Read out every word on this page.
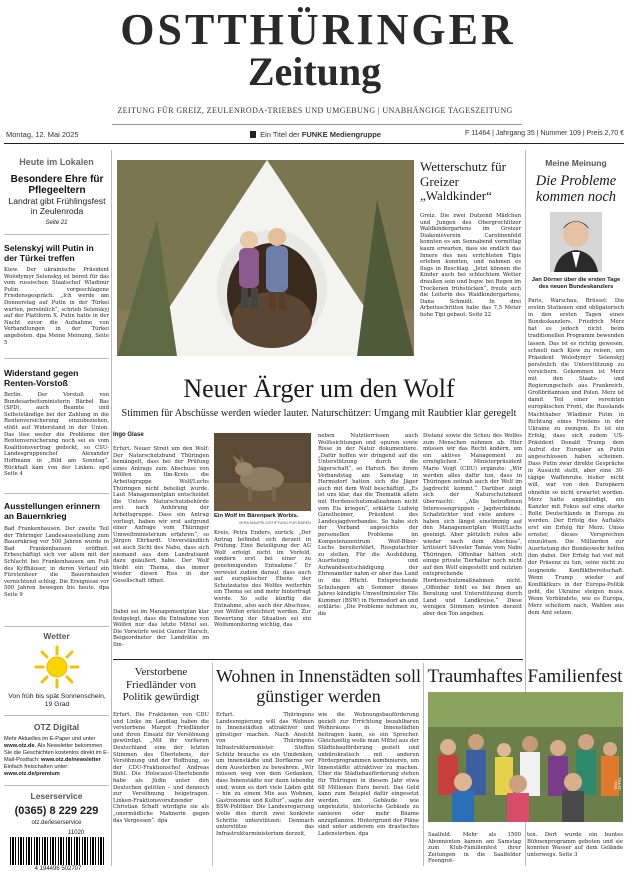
OSTTHÜRINGER
Zeitung
ZEITUNG FÜR GREIZ, ZEULENRODA-TRIEBES UND UMGEBUNG | UNABHÄNGIGE TAGESZEITUNG
Montag, 12. Mai 2025	Ein Titel der FUNKE Mediengruppe	F 11464 | Jahrgang 35 | Nummer 109 | Preis 2,70 €
Heute im Lokalen
Besondere Ehre für Pflegeeltern
Landrat gibt Frühlingsfest in Zeulenroda
Seite 21
Selenskyj will Putin in der Türkei treffen
Kiew. Der ukrainische Präsident Wolodymyr Selenskyj ist bereit für das vom russischen Staatschef Wladimir Putin vorgeschlagene Friedensgespräch. „Ich werde am Donnerstag auf Putin in der Türkei warten, persönlich“, schrieb Selenskyj auf der Plattform X. Putin hatte in der Nacht zuvor die Aufnahme von Verhandlungen in der Türkei angeboten. dpa Meine Meinung, Seite 5
Widerstand gegen Renten-Vorstoß
Berlin. Der Vorstoß von Bundesarbeitsministerin Bärbel Bas (SPD), auch Beamte und Selbstständige bei der Zahlung in die Rentenversicherung einzubeziehen, stößt auf Widerstand in der Union. Das löse weder die Probleme der Rentenversicherung noch sei es vom Koalitionsvertrag gedeckt, so CSU-Landesgruppenchef Alexander Hoffmann in „Bild am Sonntag“. Rückhalt kam von der Linken. epd Seite 4
Ausstellungen erinnern an Bauernkrieg
Bad Frankenhausen. Der zweite Teil der Thüringer Landesausstellung zum Bauernkrieg vor 500 Jahren wurde in Bad Frankenhausen eröffnet. Erbeschäftigt sich vor allem mit der Schlacht bei Frankenhausen am Fuß des Kyffhäuser, in deren Verlauf ein Fürstenheer die Bauernhaufen vernichtend schlug. Die Ereignisse vor 500 Jahren bewegen bis heute. dpa Seite 9
Wetter
Von früh bis spät Sonnenschein, 19 Grad
OTZ Digital
Mehr Aktuelles im E-Paper und unter www.otz.de. Als Newsletter bekommen Sie die Geschichten kostenlos direkt im E-Mail-Postfach: www.otz.de/newsletter Einfach freischalten unter: www.otz.de/premium
Leserservice
(0365) 8 229 229
otz.de/leserservice
11020
4 194496 502707
Wetterschutz für Greizer „Waldkinder“
Greiz. Die zwei Dutzend Mädchen und Jungen des Obergrochlitzer Waldkindergartens im Greizer Diakonieverein Carolinenfeld konnten es am Sonnabend vormittag kaum erwarten, dass sie endlich das Innere des neu errichteten Tipis erleben konnten, und nahmen es flugs in Beschlag. „Jetzt können die Kinder auch bei schlechtem Wetter draußen sein und bspw. bei Regen im Trockenen frühstücken“, freute sich die Leiterin des Waldkindergartens, Dana Schmidt. In drei Arbeitsschritten habe das 7,5 Meter hohe Tipi gebaut. Seite 22
Meine Meinung
Die Probleme kommen noch
Jan Dörner über die ersten Tage des neuen Bundeskanzlers
Paris, Warschau, Brüssel: Die ersten Stationen sind obligatorisch in den ersten Tagen eines Bundeskanzlers. Friedrich Merz hat es jedoch nicht beim traditionellen Programm bewenden lassen. Das ist es richtig gewesen, schnell nach Kiew zu reisen, um Präsident Wolodymyr Selenskyj persönlich die Unterstützung zu versichern. Gekommen ist Merz mit den Staats- und Regierungschefs aus Frankreich, Großbritannien und Polen. Merz ist damit Teil einer vereinten europäischen Front, die Russlands Machthaber Wladimir Putin in Richtung eines Friedens in der Ukraine zu zwingen. Es ist ein Erfolg, dass sich zudem US-Präsident Donald Trump dem Aufruf der Europäer an Putin angeschlossen haben scheinen. Dass Putin zwar direkte Gespräche in Aussicht stellt, aber eine 30-tägige Waffenruhe bisher nicht will, war von den Europäern ohnehin so nicht erwartet worden. Merz hatte angekündigt, ein Kanzler mit Fokus auf eine starke Rolle Deutschlands in Europa zu werden. Der Erfolg des Auftakts erst ein Erfolg für Merz. Umso ernster, dieses Versprechen einzulösen. Die Milliarden zur Ausrüstung der Bundeswehr helfen ihm dabei. Der Erfolg hat viel mit der Präsenz zu tun, seine nicht zu leugnende Konfliktbereitschaft. Wenn Trump wieder auf Konfliktkurs in der Europa-Politik geht, die Ukraine steigen muss. Wenn Verbündete, wie es Europa, Merz scheitern nach, Wahlen aus dem Amt setzen.
Neuer Ärger um den Wolf
Stimmen für Abschüsse werden wieder lauter. Naturschützer: Umgang mit Raubtier klar geregelt
Ingo Glase
Erfurt. Neuer Streit um den Wolf: Der Naturschutzbund Thüringen bemängelt, dass bei der Prüfung eines Antrags zum Abschuss von Wölfen im Ilm-Kreis die Arbeitsgruppe Wolf/Luchs Thüringen nicht beteiligt wurde. Laut Managementplan entscheidet die Untere Naturschutzbehörde erst nach Anhörung der Arbeitsgruppe. Dass ein Antrag vorliegt, haben wir erst aufgrund einer Anfrage vom Thüringer Umweltministerium erfahren“, so Jürgen Ehrhardt. Unverständlich sei auch Sicht des Nabu, dass sich niemand aus dem Landratsamt dazu geäußert habe. Der Wolf bleibt ein Thema, das immer wieder diesen Riss in der Gesellschaft öffnet.
Dabei sei im Managementplan klar festgelegt, dass die Entnahme von Wölfen nur das letzte Mittel sei. Die Vorwürfe weist Gunter Harsch, Beigeordneter der Landrätin im Ilm-
Ein Wolf im Bärenpark Worbis.
VERA MAUPELS/STIFTUNG FÜR BÄREN
Kreis, Petra Enders, zurück: „Der Antrag befindet sich derzeit in Prüfung. Eine Beteiligung der AG Wolf erfolgt nicht im Vorfeld, sondern erst bei einer zu genehmigenden Entnahme.“ Er verweist zudem darauf, dass auch auf europäischer Ebene der Schutzstatus des Wolfes weiterhin ein Thema sei und mehr hinterfragt werde. So solle künftig die Entnahme, also auch der Abschuss, von Wölfen erleichtert werden. Zur Bewertung der Situation sei ein Wolfsmonitoring wichtig, das
neben Nutztierrissen auch Wolfssichtungen und -spuren sowie Risse in der Natur dokumentiere. „Dafür hoffen wir dringend auf die Unterstützung durch die Jägerschaft“, so Harsch. Bei ihrem Verbandstag am Samstag in Hermsdorf hatten sich die Jäger auch mit dem Wolf beschäftigt. „Es ist uns klar, das die Thematik allein mit Herdenschutzmaßnahmen nicht vom Eis kriegen“, erklärte Ludwig Gunstheimer, Präsident des Landesjagdverbandes. So habe sich der Verband angesichts der personellen Probleme im Kompetenzzentrum Wolf-Biber-Luchs bereiterklärt, Rissgutachter zu stellen. Für die Ausbildung, Ausrüstung und Aufwandsentschädigung der Ehrenamtler nahm er aber das Land in die Pflicht. Entsprechende Schulungen ab Sommer dieses Jahres kündigte Umweltminister Tilo Kummer (BSW) in Hermsdorf an und erklärte: „Die Probleme nehmen zu, die
Distanz sowie die Scheu des Wolfes zum Menschen nehmen ab. Hier müssen wir das Recht ändern, um ein aktives Management zu ermöglichen.“ Ministerpräsident Mario Voigt (CDU) ergänzte: „Wir werden alles dafür tun, dass in Thüringen zeitnah auch der Wolf im Jagdrecht kommt.“ Darüber zeigt sich der Naturschutzbund überrascht: „Alle betroffenen Interessengruppen – Jagdverbände, Schafzüchter und viele andere – haben sich längst einstimmig auf den Managementplan Wolf/Luchs geeinigt. Aber plötzlich rufen alle wieder nach dem Abschuss“, kritisiert Silvester Tamás vom Nabu Thüringen. Offenbar hätten sich einige private Tierhalter noch nicht auf den Wolf eingestellt und nutzten entsprechende Herdenschutzmaßnahmen nicht. „Offenbar fehlt es bei ihnen an Beratung und Unterstützung durch Land und Landkreise.“ Diese wenigen Stimmen würden derzeit aber den Ton angeben.
Verstorbene Friedländer von Politik gewürdigt
Erfurt. Die Fraktionen von CDU und Linke im Landtag haben die verstorbene Margot Friedländer und ihren Einsatz für Versöhnung gewürdigt. „Mit ihr verlieren Deutschland eine der letzten Stimmen des Überlebens, der Versöhnung und der Hoffnung, so der CDU-Fraktionschef Andreas Bühl. Die Holocaust-Überlebende habe als Jüdin unter den Deutschen gelitten – und dennoch zur Versöhnung beigetragen. Linken-Fraktionsvorsitzender Christian Schaft würdigte sie als „unermüdliche Mahnerin gegen das Vergessen“. dpa
Wohnen in Innenstädten soll günstiger werden
Erfurt. Thüringens Landesregierung will das Wohnen in Innenstädten attraktiver und günstiger machen. Nach Ansicht von Thüringens Infrastrukturminister Steffen Schütz brauche es ein Umdenken, um Innenstädte und Dorfkerne vor dem Aussterben zu bewahren. „Wir müssen weg von dem Gedanken, dass Innenstädte nur dann lebendig sind, wenn es dort viele Läden gibt – hin zu einem Mix aus Wohnen, Gastronomie und Kultur“, sagte der BSW-Politiker. Die Landesregierung wolle dies durch zwei konkrete Schritte unterstützen: Demnach unterstütze das Infrastrukturministerium derzeit,
wie die Wohnungsbauförderung gezielt zur Errichtung bezahlbaren Wohnraums in Innenstädten beitragen kann, so ein Sprecher. Gleichzeitig wolle man Mittel aus der Städtebauförderung gezielt und unbürokratisch mit anderen Förderprogrammen kombinieren, um Innenstädte attraktiver zu machen. Über die Städtebauförderung stehen für Thüringen in diesem Jahr etwa 68 Millionen Euro bereit. Das Geld kann zum Beispiel dafür eingesetzt werden, um Gebäude wie ungenutzte, historische Gebäude zu sanieren oder mehr Bäume anzupflanzen. Hintergrund der Pläne sind unter anderem ein drastisches Ladensterben. dpa
Traumhaftes Familienfest
TINO ZIPPEL
Saalfeld. Mehr als 1500 Abonnenten kamen am Samstag zum Klub-Familienfest ihrer Zeitungen in die Saalfelder Feengrot-
ten. Dort wurde ein buntes Bühnenprogramm geboten und sie konnten Wasser auf dem Gelände unterwegs. Seite 3
